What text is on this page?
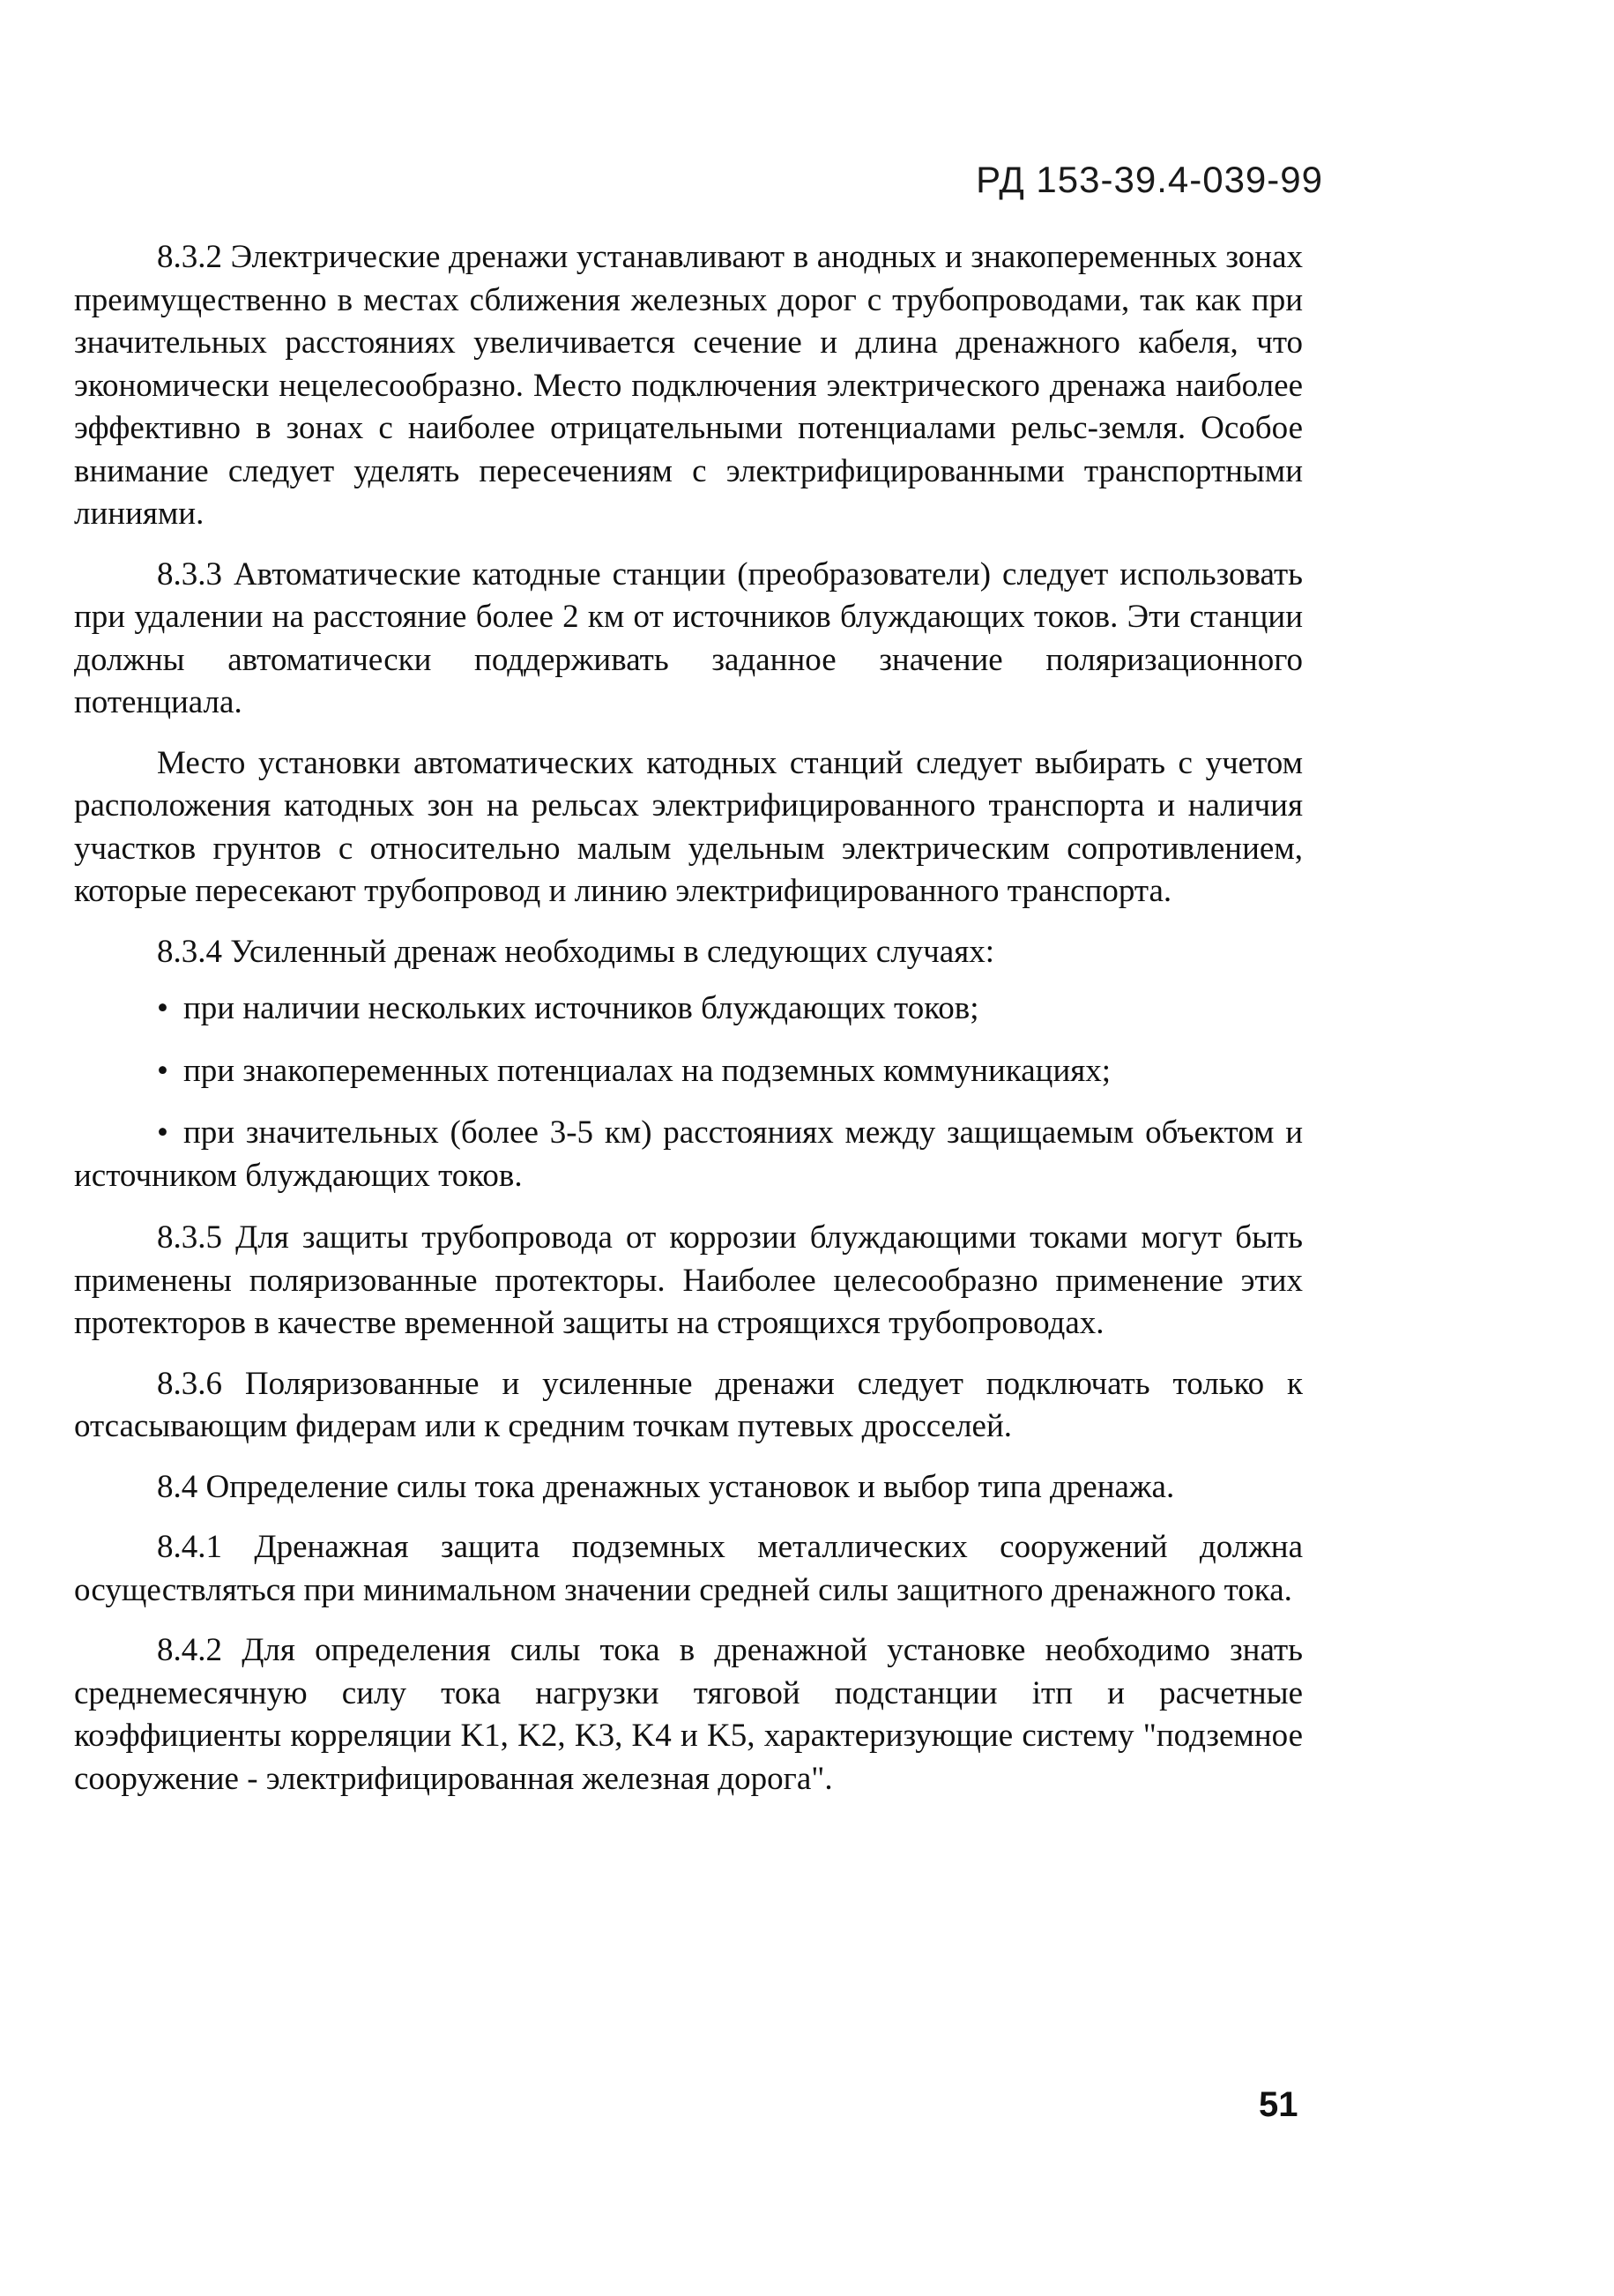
РД 153-39.4-039-99

8.3.2 Электрические дренажи устанавливают в анодных и знакопеременных зонах преимущественно в местах сближения железных дорог с трубопроводами, так как при значительных расстояниях увеличивается сечение и длина дренажного кабеля, что экономически нецелесообразно. Место подключения электрического дренажа наиболее эффективно в зонах с наиболее отрицательными потенциалами рельс-земля. Особое внимание следует уделять пересечениям с электрифицированными транспортными линиями.

8.3.3 Автоматические катодные станции (преобразователи) следует использовать при удалении на расстояние более 2 км от источников блуждающих токов. Эти станции должны автоматически поддерживать заданное значение поляризационного потенциала.

Место установки автоматических катодных станций следует выбирать с учетом расположения катодных зон на рельсах электрифицированного транспорта и наличия участков грунтов с относительно малым удельным электрическим сопротивлением, которые пересекают трубопровод и линию электрифицированного транспорта.

8.3.4 Усиленный дренаж необходимы в следующих случаях:

• при наличии нескольких источников блуждающих токов;
• при знакопеременных потенциалах на подземных коммуникациях;
• при значительных (более 3-5 км) расстояниях между защищаемым объектом и источником блуждающих токов.

8.3.5 Для защиты трубопровода от коррозии блуждающими токами могут быть применены поляризованные протекторы. Наиболее целесообразно применение этих протекторов в качестве временной защиты на строящихся трубопроводах.

8.3.6 Поляризованные и усиленные дренажи следует подключать только к отсасывающим фидерам или к средним точкам путевых дросселей.

8.4 Определение силы тока дренажных установок и выбор типа дренажа.

8.4.1 Дренажная защита подземных металлических сооружений должна осуществляться при минимальном значении средней силы защитного дренажного тока.

8.4.2 Для определения силы тока в дренажной установке необходимо знать среднемесячную силу тока нагрузки тяговой подстанции iтп и расчетные коэффициенты корреляции K1, K2, K3, K4 и K5, характеризующие систему "подземное сооружение - электрифицированная железная дорога".

51
